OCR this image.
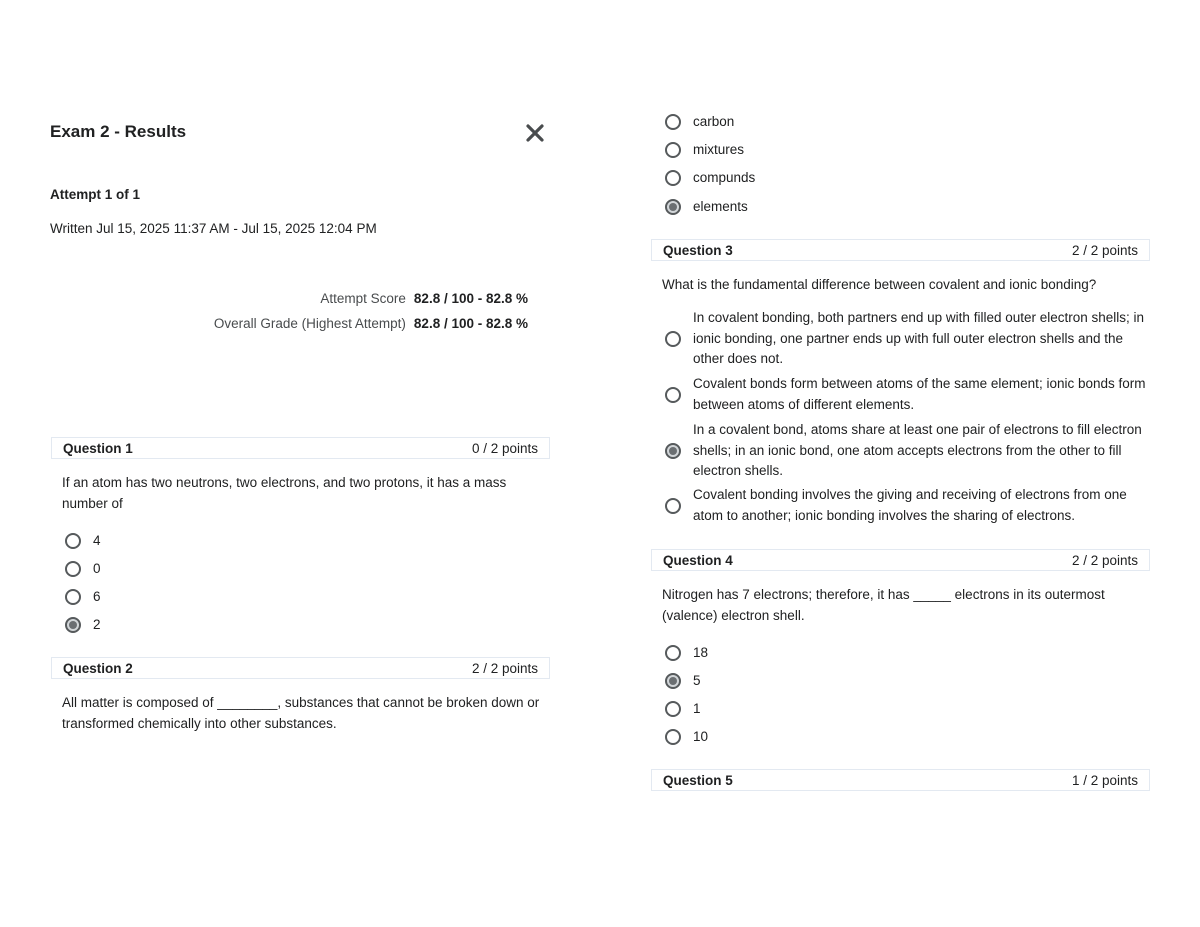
Exam 2 - Results
Attempt 1 of 1
Written Jul 15, 2025 11:37 AM - Jul 15, 2025 12:04 PM
Attempt Score 82.8 / 100 - 82.8 %
Overall Grade (Highest Attempt) 82.8 / 100 - 82.8 %
Question 1	0 / 2 points
If an atom has two neutrons, two electrons, and two protons, it has a mass number of
4
0
6
2
Question 2	2 / 2 points
All matter is composed of ________, substances that cannot be broken down or transformed chemically into other substances.
carbon
mixtures
compunds
elements
Question 3	2 / 2 points
What is the fundamental difference between covalent and ionic bonding?
In covalent bonding, both partners end up with filled outer electron shells; in ionic bonding, one partner ends up with full outer electron shells and the other does not.
Covalent bonds form between atoms of the same element; ionic bonds form between atoms of different elements.
In a covalent bond, atoms share at least one pair of electrons to fill electron shells; in an ionic bond, one atom accepts electrons from the other to fill electron shells.
Covalent bonding involves the giving and receiving of electrons from one atom to another; ionic bonding involves the sharing of electrons.
Question 4	2 / 2 points
Nitrogen has 7 electrons; therefore, it has _____ electrons in its outermost (valence) electron shell.
18
5
1
10
Question 5	1 / 2 points
